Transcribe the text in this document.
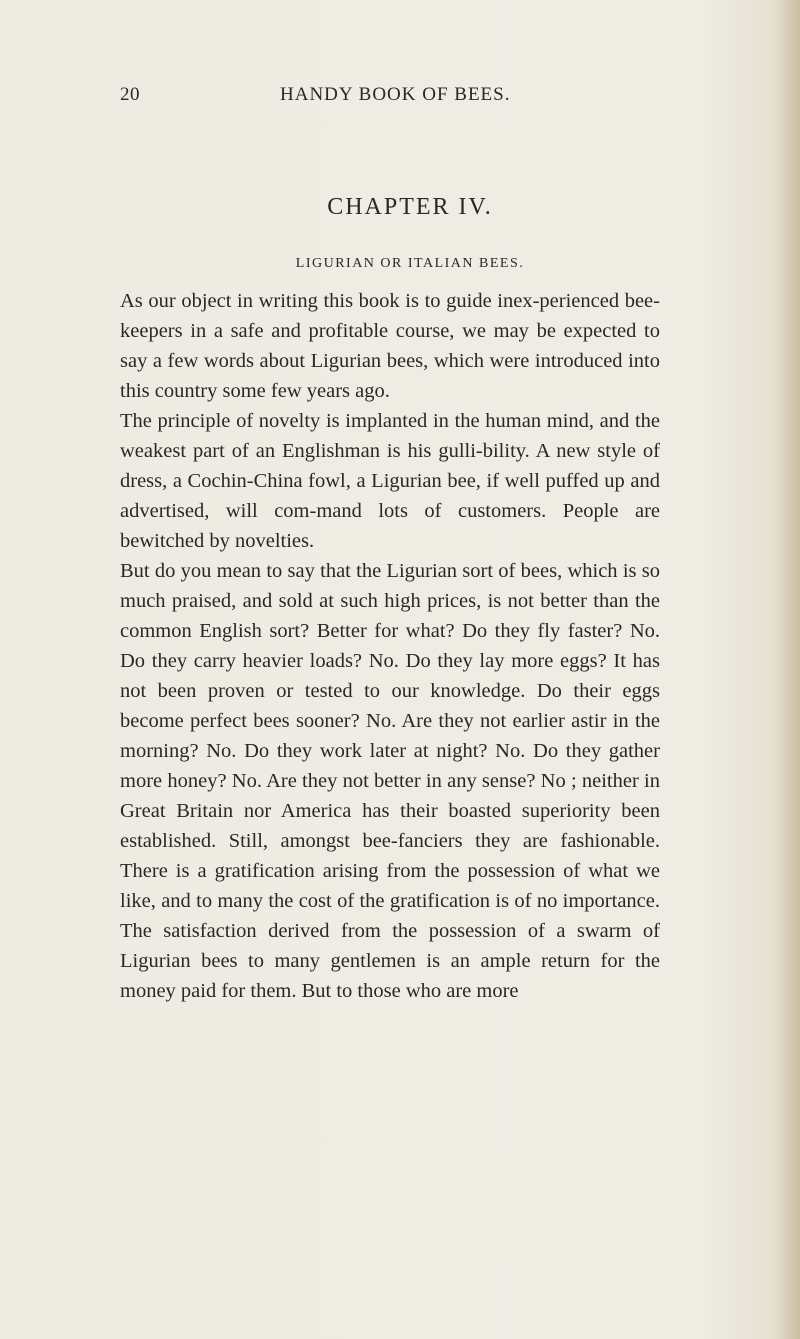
20	HANDY BOOK OF BEES.
CHAPTER IV.
LIGURIAN OR ITALIAN BEES.

As our object in writing this book is to guide inex-perienced bee-keepers in a safe and profitable course, we may be expected to say a few words about Ligurian bees, which were introduced into this country some few years ago.

The principle of novelty is implanted in the human mind, and the weakest part of an Englishman is his gulli-bility. A new style of dress, a Cochin-China fowl, a Ligurian bee, if well puffed up and advertised, will com-mand lots of customers. People are bewitched by novelties.

But do you mean to say that the Ligurian sort of bees, which is so much praised, and sold at such high prices, is not better than the common English sort? Better for what? Do they fly faster? No. Do they carry heavier loads? No. Do they lay more eggs? It has not been proven or tested to our knowledge. Do their eggs become perfect bees sooner? No. Are they not earlier astir in the morning? No. Do they work later at night? No. Do they gather more honey? No. Are they not better in any sense? No ; neither in Great Britain nor America has their boasted superiority been established. Still, amongst bee-fanciers they are fashionable. There is a gratification arising from the possession of what we like, and to many the cost of the gratification is of no importance. The satisfaction derived from the possession of a swarm of Ligurian bees to many gentlemen is an ample return for the money paid for them. But to those who are more
